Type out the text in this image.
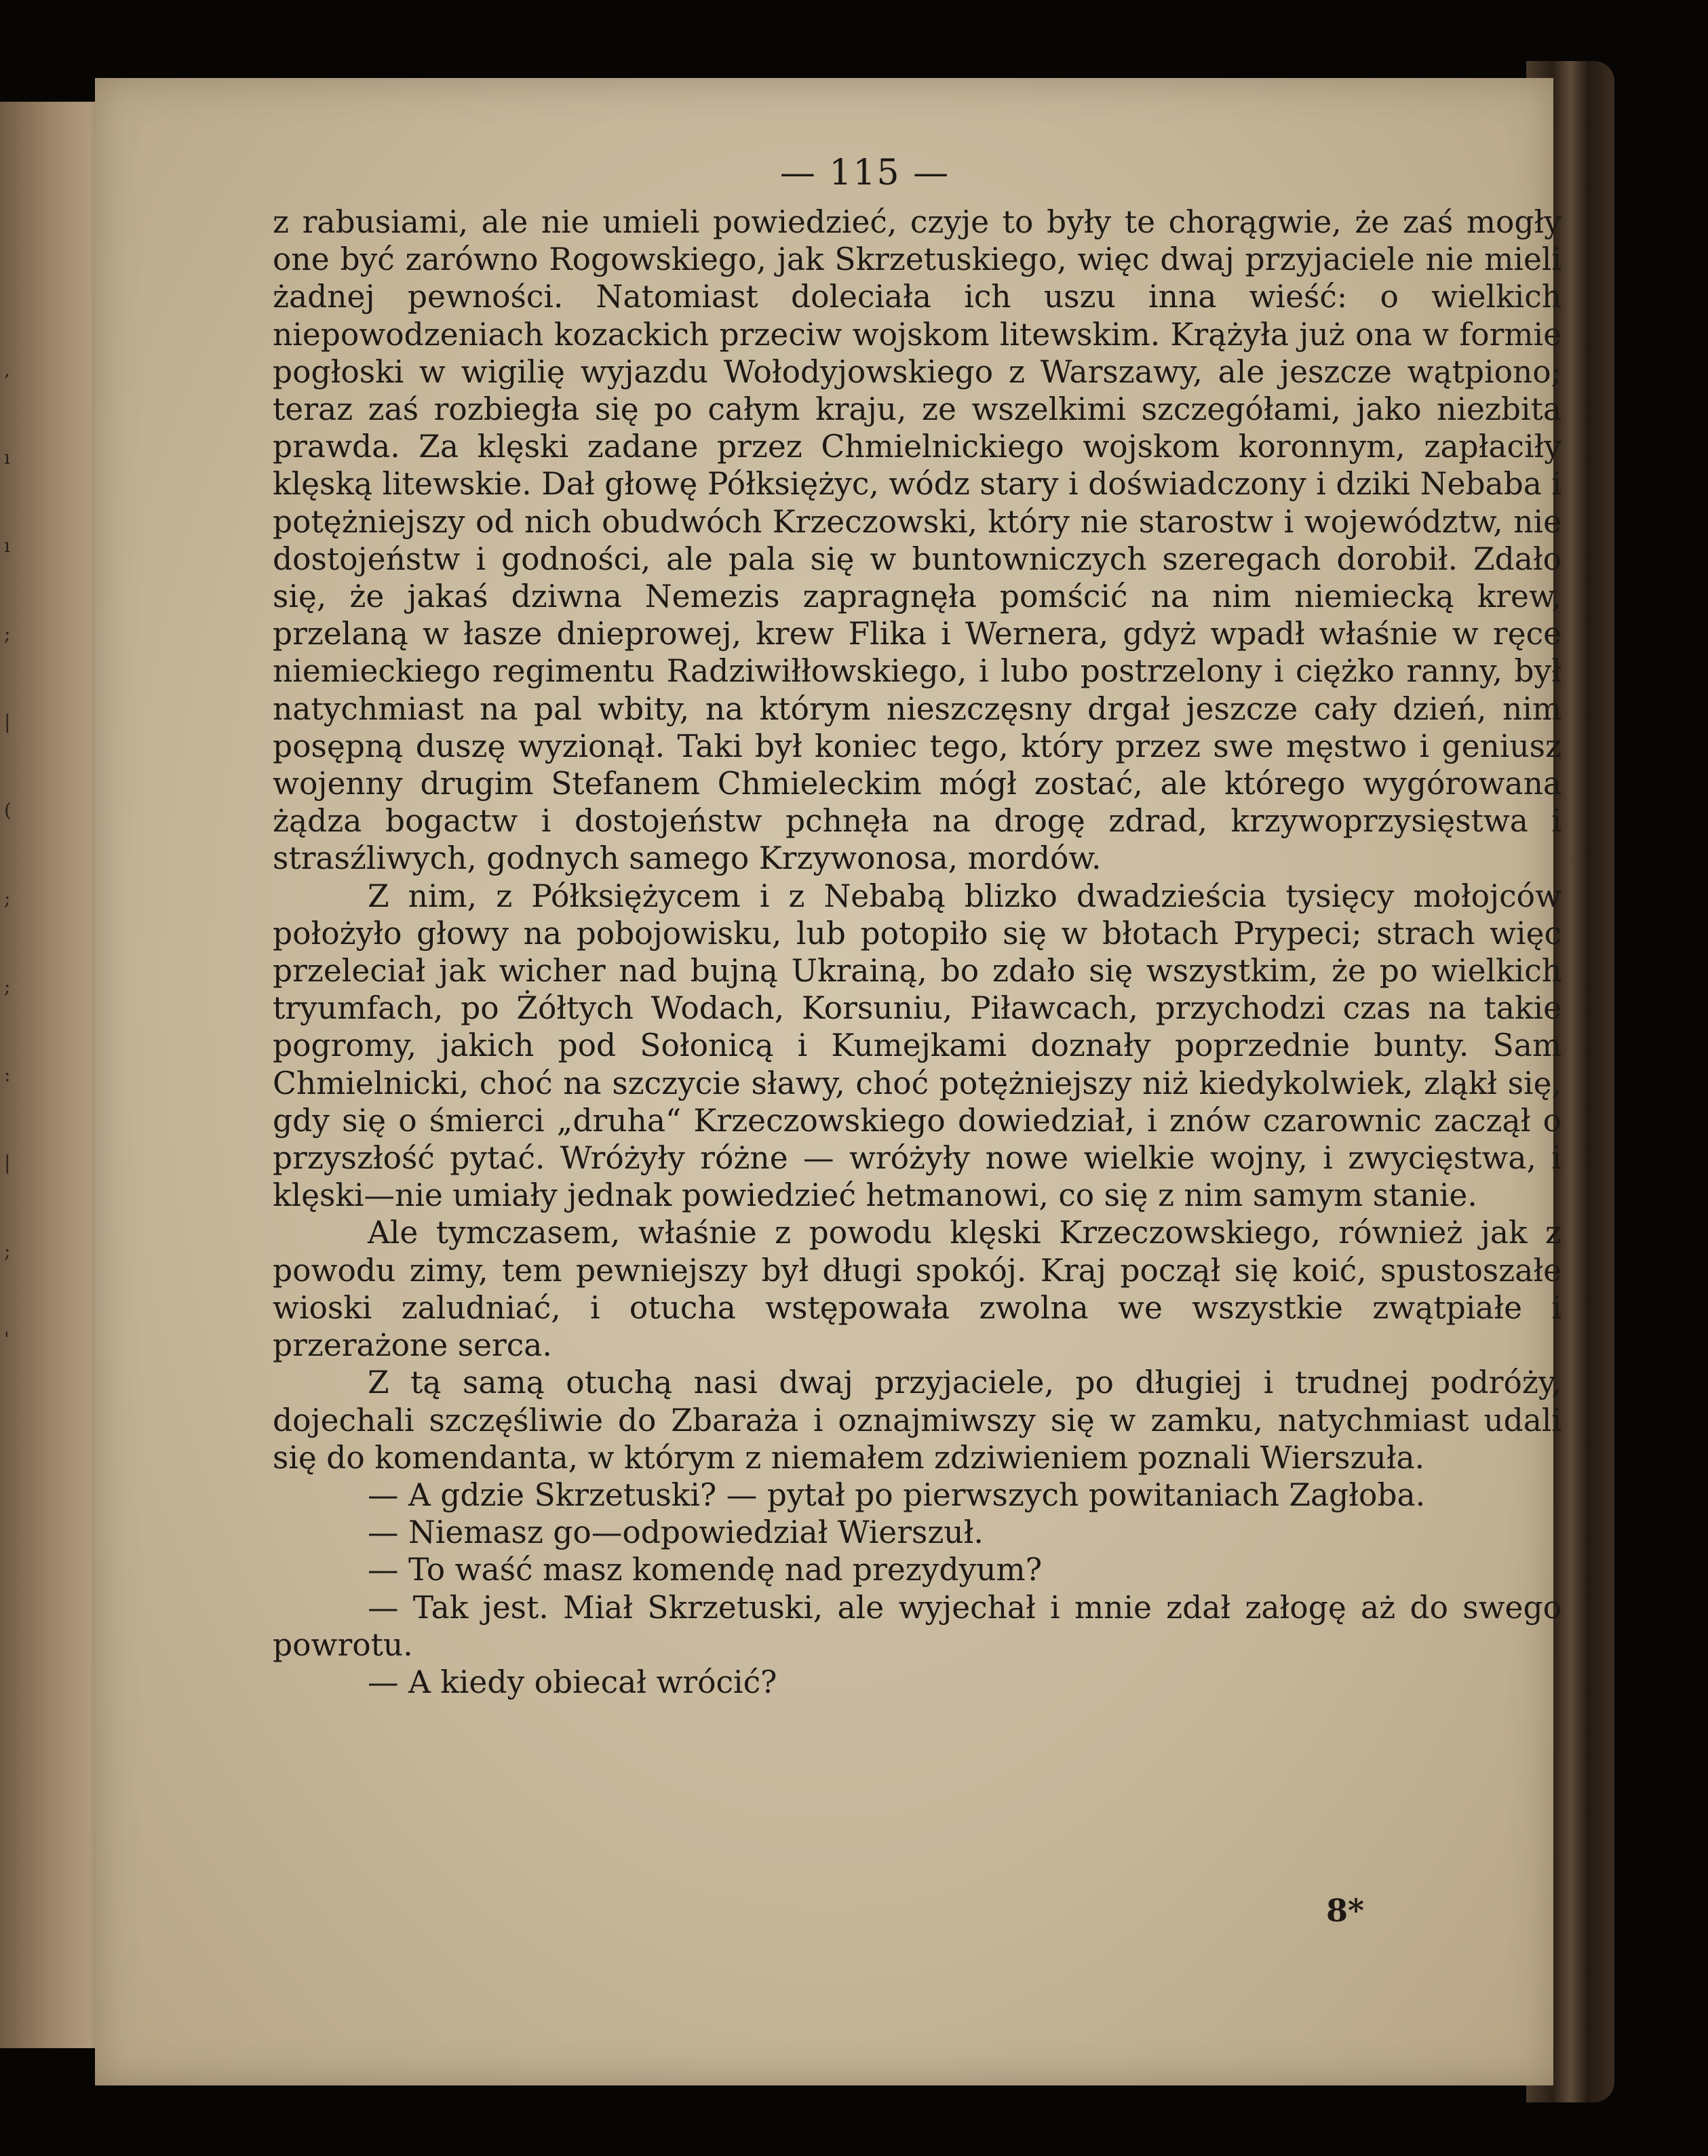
,
ı
ı
;
|
(
;
;
:
|
;
'

— 115 —

z rabusiami, ale nie umieli powiedzieć, czyje to były te chorągwie, że zaś mogły one być zarówno Rogowskiego, jak Skrzetuskiego, więc dwaj przyjaciele nie mieli żadnej pewności. Natomiast doleciała ich uszu inna wieść: o wielkich niepowodzeniach kozackich przeciw wojskom litewskim. Krążyła już ona w formie pogłoski w wigilię wyjazdu Wołodyjowskiego z Warszawy, ale jeszcze wątpiono; teraz zaś rozbiegła się po całym kraju, ze wszelkimi szczegółami, jako niezbita prawda. Za klęski zadane przez Chmielnickiego wojskom koronnym, zapłaciły klęską litewskie. Dał głowę Półksiężyc, wódz stary i doświadczony i dziki Nebaba i potężniejszy od nich obudwóch Krzeczowski, który nie starostw i województw, nie dostojeństw i godności, ale pala się w buntowniczych szeregach dorobił. Zdało się, że jakaś dziwna Nemezis zapragnęła pomścić na nim niemiecką krew, przelaną w łasze dnieprowej, krew Flika i Wernera, gdyż wpadł właśnie w ręce niemieckiego regimentu Radziwiłłowskiego, i lubo postrzelony i ciężko ranny, był natychmiast na pal wbity, na którym nieszczęsny drgał jeszcze cały dzień, nim posępną duszę wyzionął. Taki był koniec tego, który przez swe męstwo i geniusz wojenny drugim Stefanem Chmieleckim mógł zostać, ale którego wygórowana żądza bogactw i dostojeństw pchnęła na drogę zdrad, krzywoprzysięstwa i strasźliwych, godnych samego Krzywonosa, mordów.

Z nim, z Półksiężycem i z Nebabą blizko dwadzieścia tysięcy mołojców położyło głowy na pobojowisku, lub potopiło się w błotach Prypeci; strach więc przeleciał jak wicher nad bujną Ukrainą, bo zdało się wszystkim, że po wielkich tryumfach, po Żółtych Wodach, Korsuniu, Piławcach, przychodzi czas na takie pogromy, jakich pod Sołonicą i Kumejkami doznały poprzednie bunty. Sam Chmielnicki, choć na szczycie sławy, choć potężniejszy niż kiedykolwiek, zląkł się, gdy się o śmierci „druha“ Krzeczowskiego dowiedział, i znów czarownic zaczął o przyszłość pytać. Wróżyły różne — wróżyły nowe wielkie wojny, i zwycięstwa, i klęski—nie umiały jednak powiedzieć hetmanowi, co się z nim samym stanie.

Ale tymczasem, właśnie z powodu klęski Krzeczowskiego, również jak z powodu zimy, tem pewniejszy był długi spokój. Kraj począł się koić, spustoszałe wioski zaludniać, i otucha wstępowała zwolna we wszystkie zwątpiałe i przerażone serca.

Z tą samą otuchą nasi dwaj przyjaciele, po długiej i trudnej podróży, dojechali szczęśliwie do Zbaraża i oznajmiwszy się w zamku, natychmiast udali się do komendanta, w którym z niemałem zdziwieniem poznali Wierszuła.

— A gdzie Skrzetuski? — pytał po pierwszych powitaniach Zagłoba.
— Niemasz go—odpowiedział Wierszuł.
— To waść masz komendę nad prezydyum?
— Tak jest. Miał Skrzetuski, ale wyjechał i mnie zdał załogę aż do swego powrotu.
— A kiedy obiecał wrócić?
8*
